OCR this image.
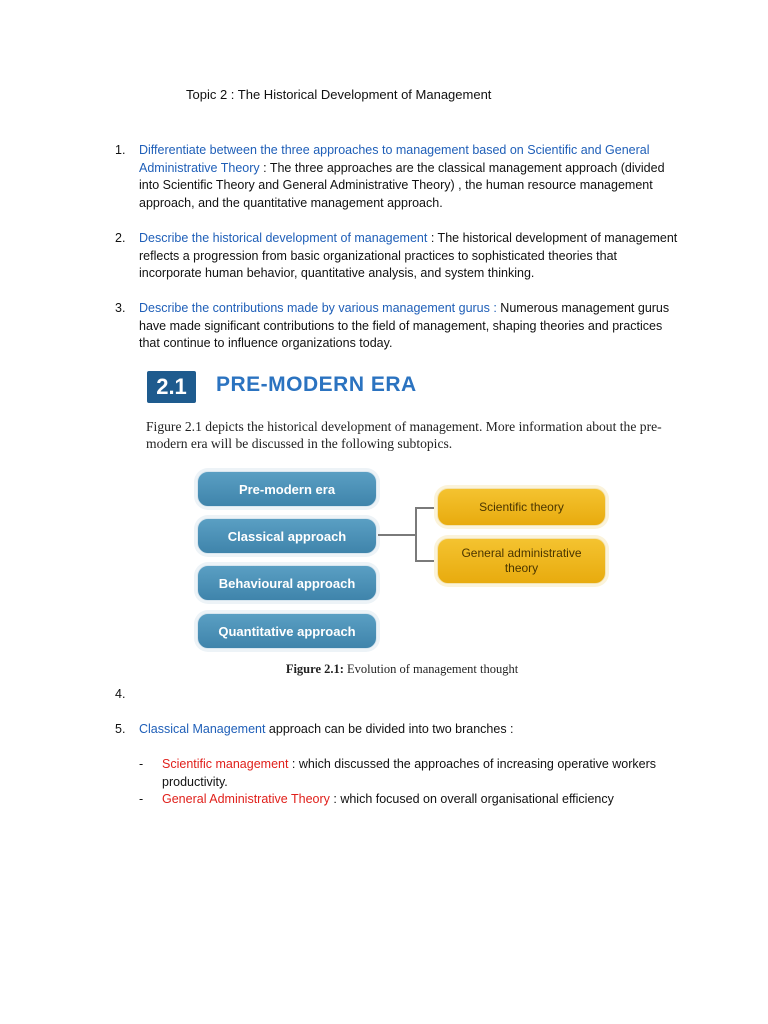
Topic 2 : The Historical Development of Management
1. Differentiate between the three approaches to management based on Scientific and General Administrative Theory : The three approaches are the classical management approach (divided into Scientific Theory and General Administrative Theory) , the human resource management approach, and the quantitative management approach.
2. Describe the historical development of management : The historical development of management reflects a progression from basic organizational practices to sophisticated theories that incorporate human behavior, quantitative analysis, and system thinking.
3. Describe the contributions made by various management gurus : Numerous management gurus have made significant contributions to the field of management, shaping theories and practices that continue to influence organizations today.
2.1	PRE-MODERN ERA
Figure 2.1 depicts the historical development of management. More information about the pre-modern era will be discussed in the following subtopics.
Pre-modern era
Classical approach
Behavioural approach
Quantitative approach
Scientific theory
General administrative theory
Figure 2.1: Evolution of management thought
4.
5. Classical Management approach can be divided into two branches :
- Scientific management : which discussed the approaches of increasing operative workers productivity.
- General Administrative Theory : which focused on overall organisational efficiency
